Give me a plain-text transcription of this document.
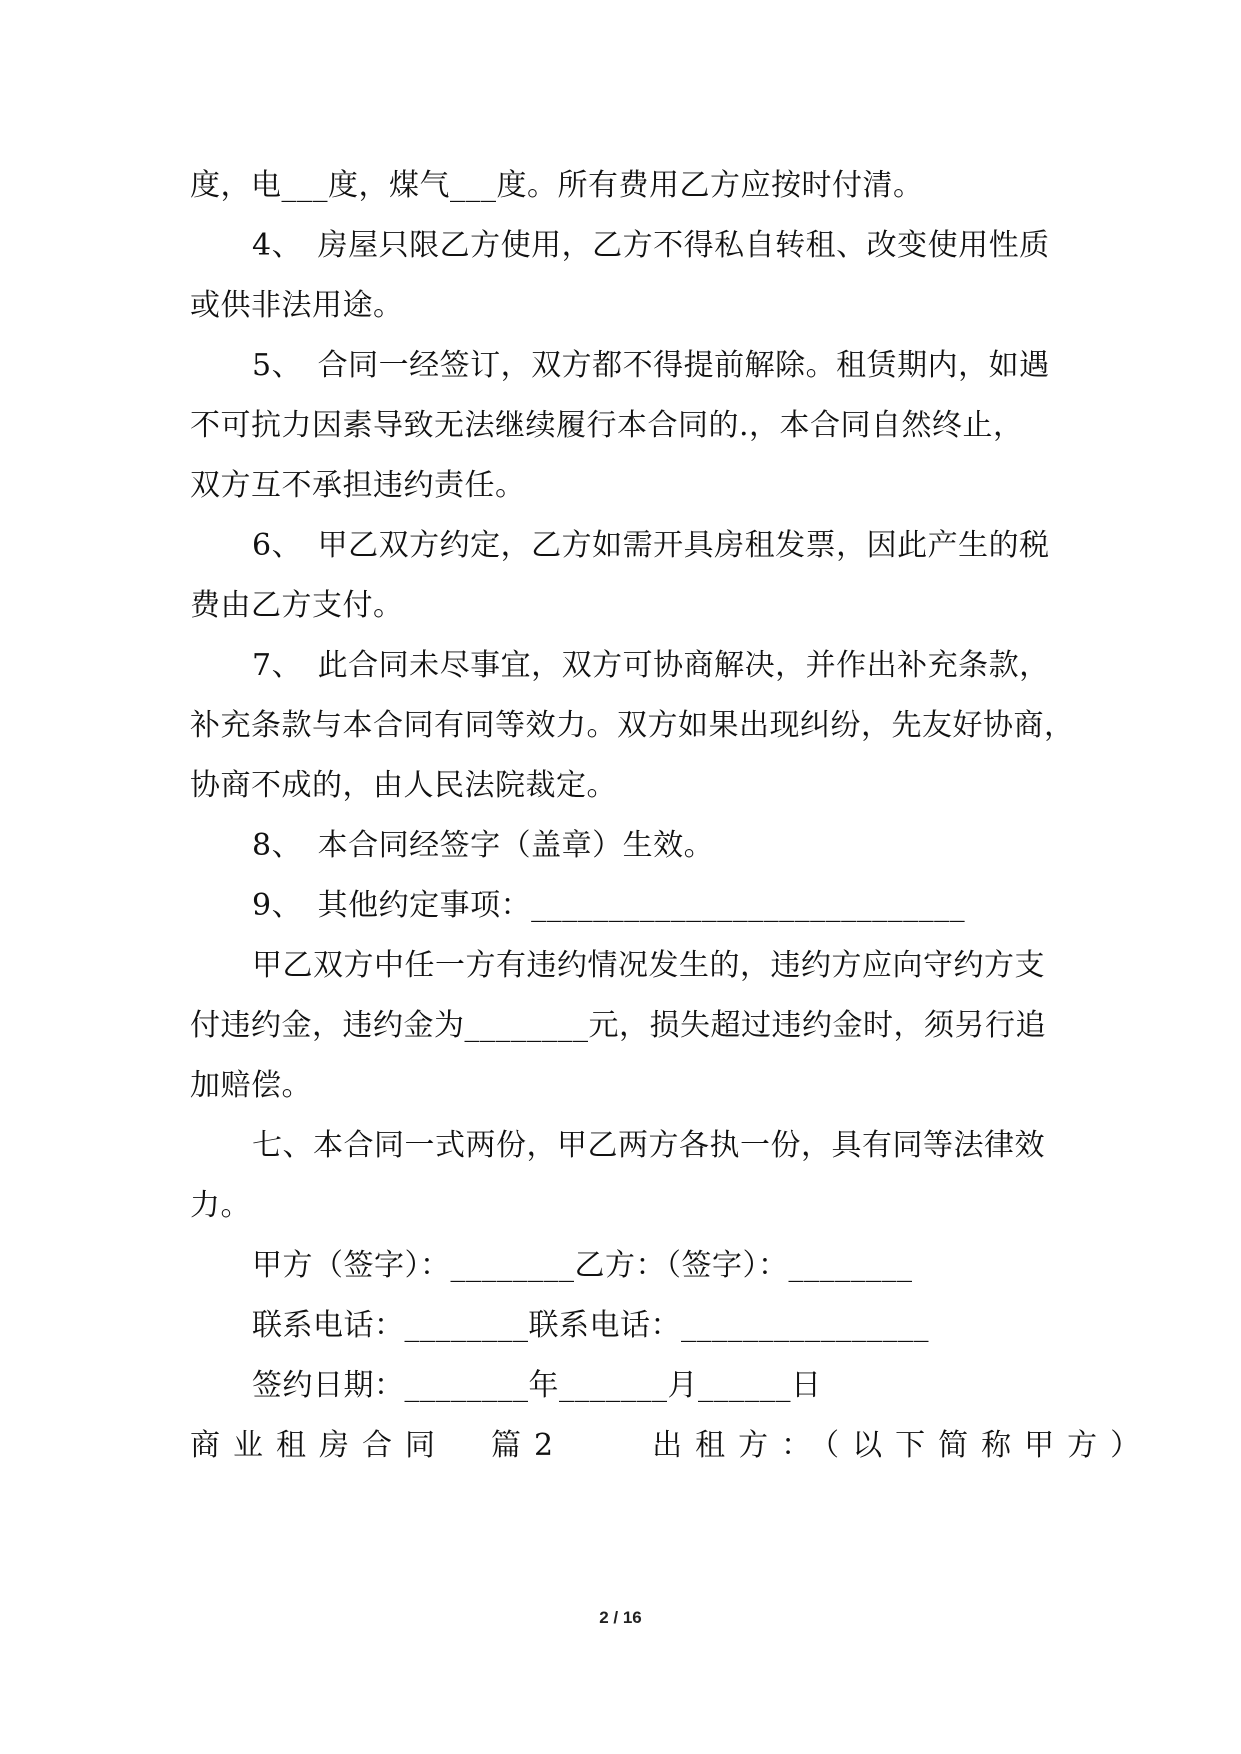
度，电___度，煤气___度。所有费用乙方应按时付清。
4、　房屋只限乙方使用，乙方不得私自转租、改变使用性质
或供非法用途。
5、　合同一经签订，双方都不得提前解除。租赁期内，如遇
不可抗力因素导致无法继续履行本合同的.，本合同自然终止，
双方互不承担违约责任。
6、　甲乙双方约定，乙方如需开具房租发票，因此产生的税
费由乙方支付。
7、　此合同未尽事宜，双方可协商解决，并作出补充条款，
补充条款与本合同有同等效力。双方如果出现纠纷，先友好协商，
协商不成的，由人民法院裁定。
8、　本合同经签字（盖章）生效。
9、　其他约定事项：____________________________
甲乙双方中任一方有违约情况发生的，违约方应向守约方支
付违约金，违约金为________元，损失超过违约金时，须另行追
加赔偿。
七、本合同一式两份，甲乙两方各执一份，具有同等法律效
力。
甲方（签字）：________乙方：（签字）：________
联系电话：________联系电话：________________
签约日期：________年_______月______日
商业租房合同　篇2　　出租方：（以下简称甲方）
2 / 16
